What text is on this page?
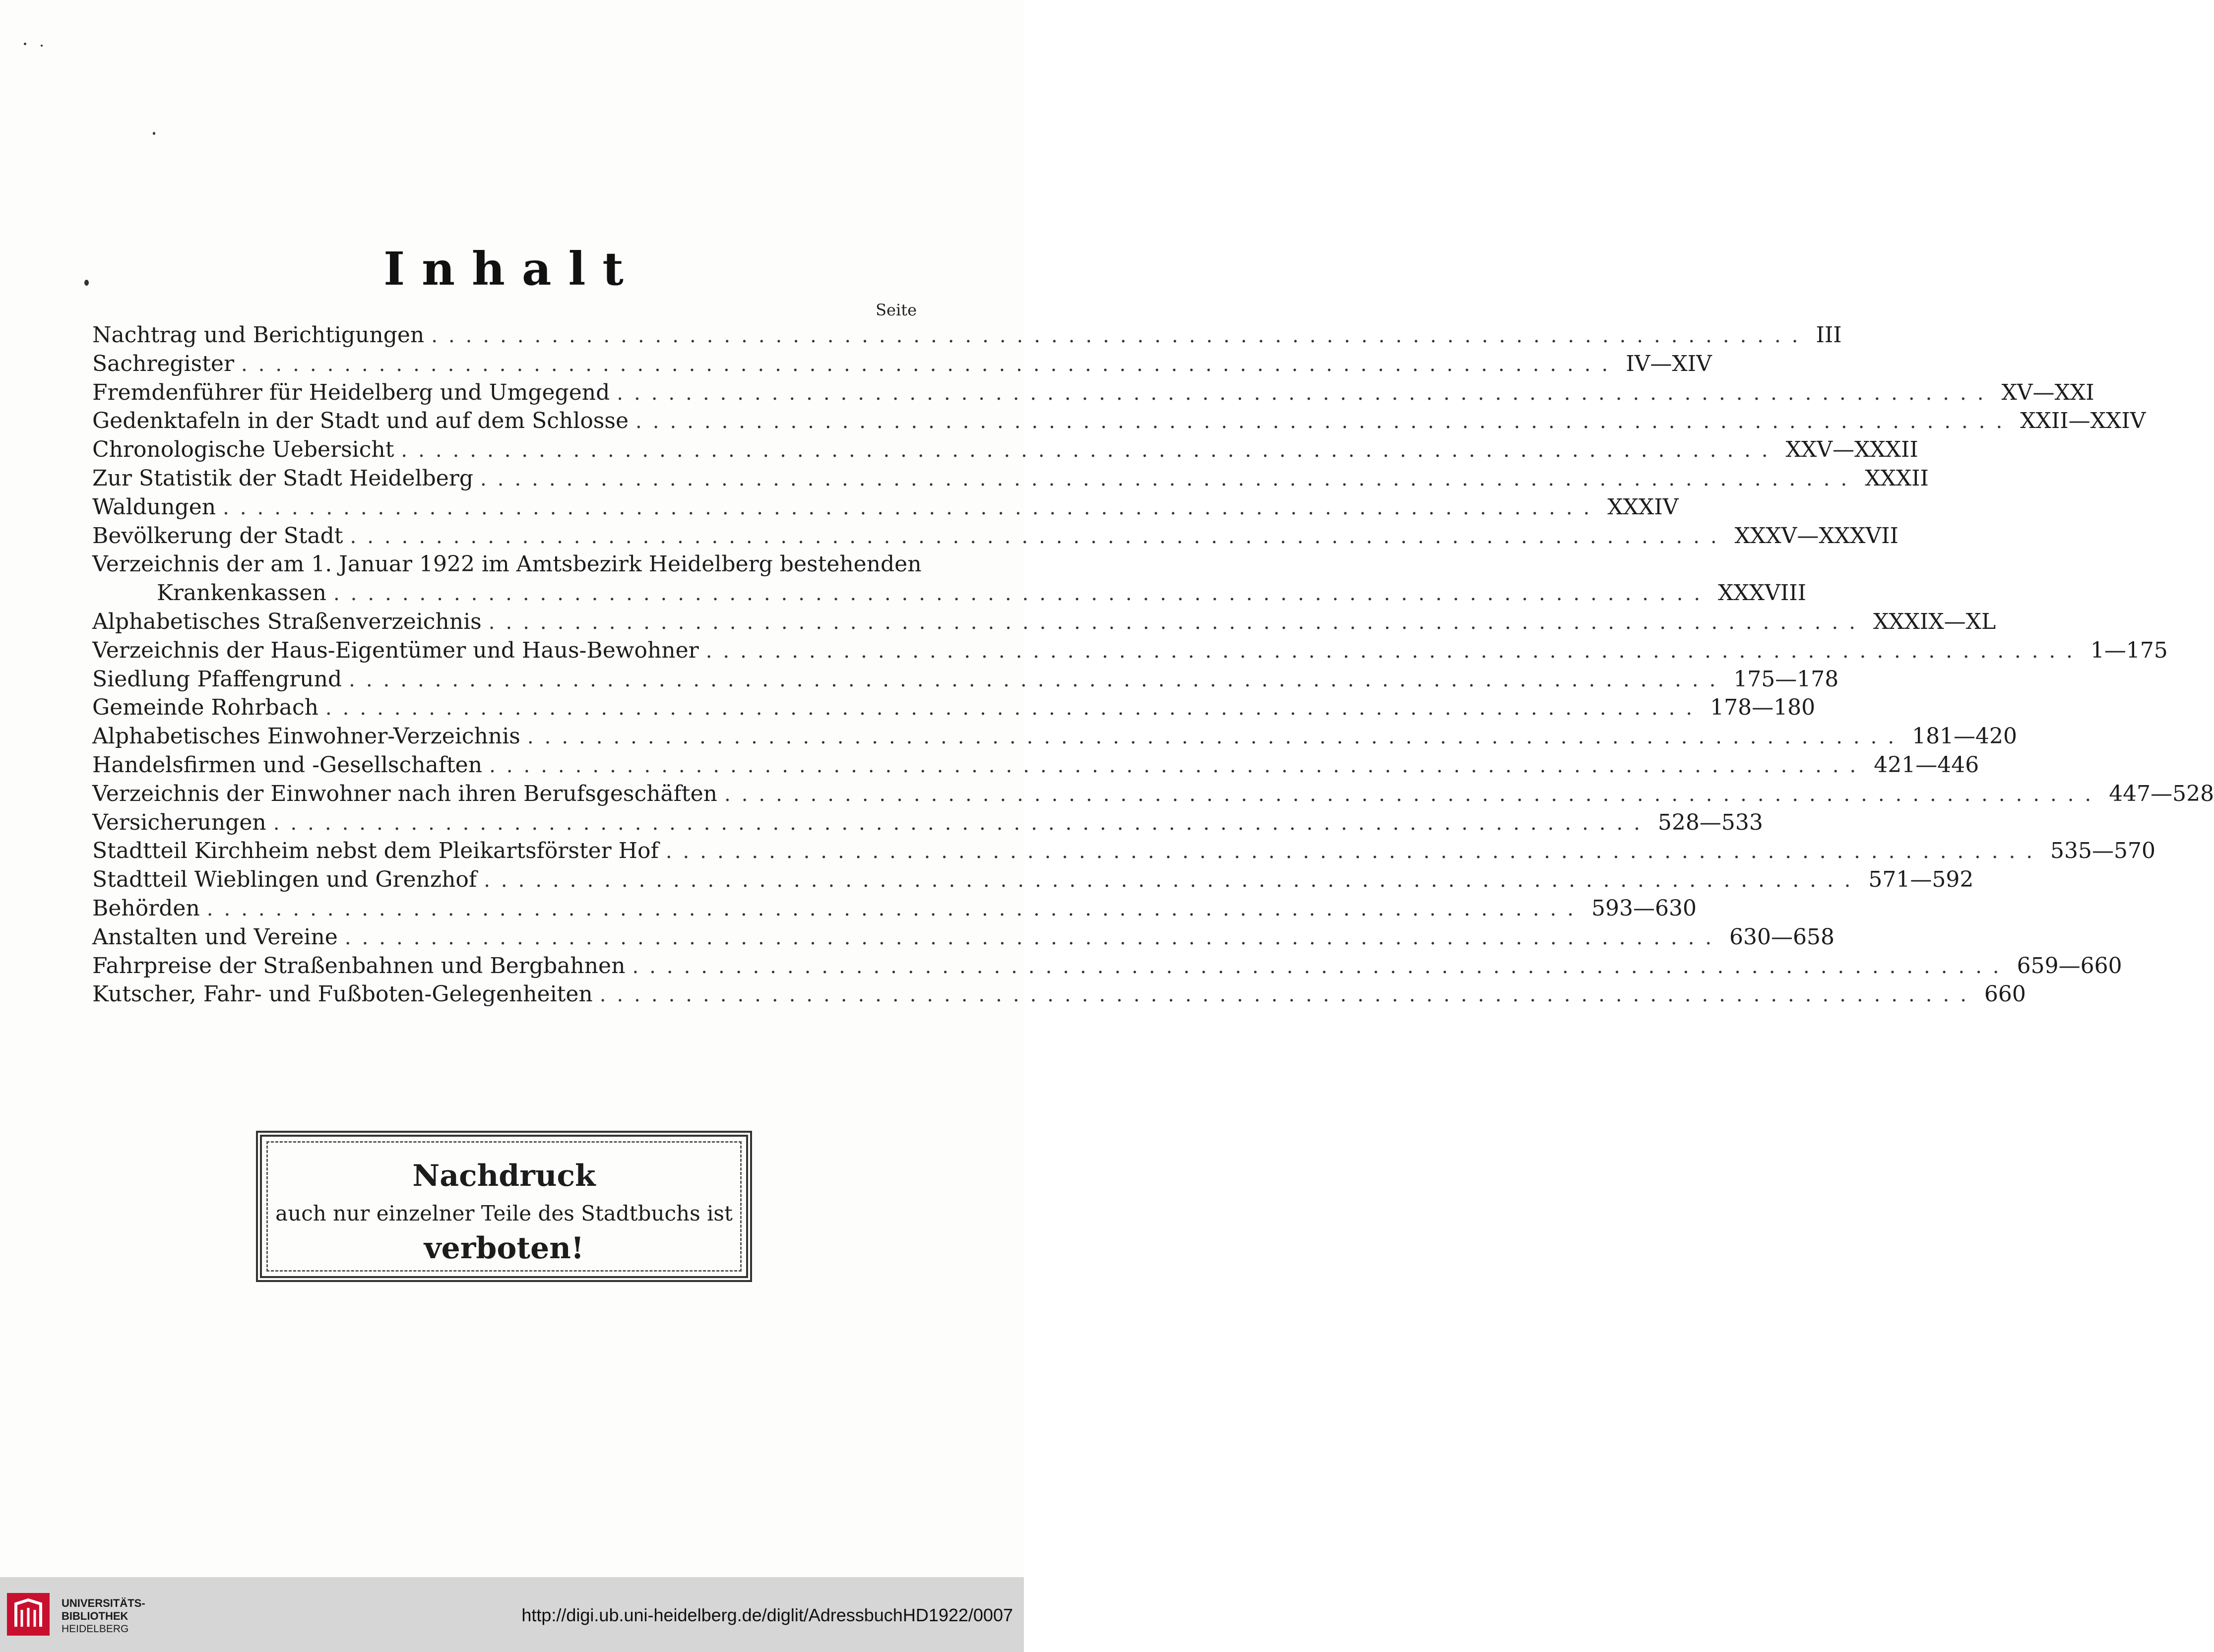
Inhalt
Seite
Nachtrag und Berichtigungen ................................................................................ III
Sachregister ................................................................................ IV—XIV
Fremdenführer für Heidelberg und Umgegend ................................................................................ XV—XXI
Gedenktafeln in der Stadt und auf dem Schlosse ................................................................................ XXII—XXIV
Chronologische Uebersicht ................................................................................ XXV—XXXII
Zur Statistik der Stadt Heidelberg ................................................................................ XXXII
Waldungen ................................................................................ XXXIV
Bevölkerung der Stadt ................................................................................ XXXV—XXXVII
Verzeichnis der am 1. Januar 1922 im Amtsbezirk Heidelberg bestehenden
Krankenkassen ................................................................................ XXXVIII
Alphabetisches Straßenverzeichnis ................................................................................ XXXIX—XL
Verzeichnis der Haus-Eigentümer und Haus-Bewohner ................................................................................ 1—175
Siedlung Pfaffengrund ................................................................................ 175—178
Gemeinde Rohrbach ................................................................................ 178—180
Alphabetisches Einwohner-Verzeichnis ................................................................................ 181—420
Handelsfirmen und -Gesellschaften ................................................................................ 421—446
Verzeichnis der Einwohner nach ihren Berufsgeschäften ................................................................................ 447—528
Versicherungen ................................................................................ 528—533
Stadtteil Kirchheim nebst dem Pleikartsförster Hof ................................................................................ 535—570
Stadtteil Wieblingen und Grenzhof ................................................................................ 571—592
Behörden ................................................................................ 593—630
Anstalten und Vereine ................................................................................ 630—658
Fahrpreise der Straßenbahnen und Bergbahnen ................................................................................ 659—660
Kutscher, Fahr- und Fußboten-Gelegenheiten ................................................................................ 660
Nachdruck
auch nur einzelner Teile des Stadtbuchs ist
verboten!
UNIVERSITÄTS-
BIBLIOTHEK
HEIDELBERG
http://digi.ub.uni-heidelberg.de/diglit/AdressbuchHD1922/0007
